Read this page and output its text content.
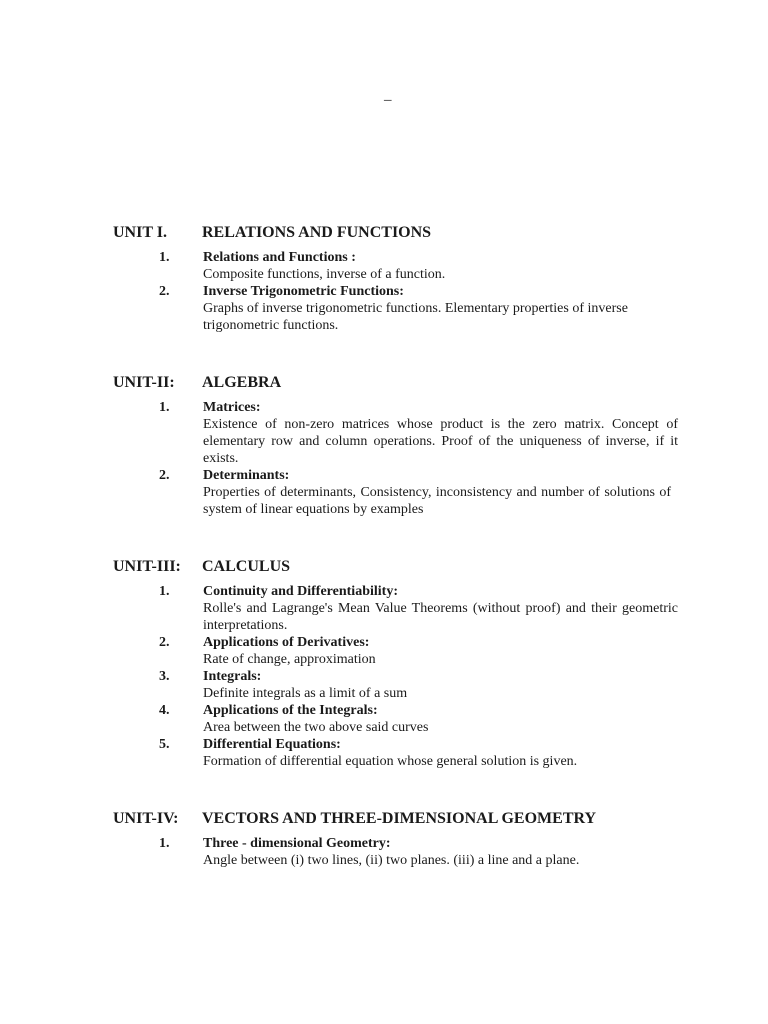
–
UNIT I. RELATIONS AND FUNCTIONS
1. Relations and Functions :
Composite functions, inverse of a function.
2. Inverse Trigonometric Functions:
Graphs of inverse trigonometric functions. Elementary properties of inverse trigonometric functions.
UNIT-II: ALGEBRA
1. Matrices:
Existence of non-zero matrices whose product is the zero matrix. Concept of elementary row and column operations. Proof of the uniqueness of inverse, if it exists.
2. Determinants:
Properties of determinants, Consistency, inconsistency and number of solutions of system of linear equations by examples
UNIT-III: CALCULUS
1. Continuity and Differentiability:
Rolle's and Lagrange's Mean Value Theorems (without proof) and their geometric interpretations.
2. Applications of Derivatives:
Rate of change, approximation
3. Integrals:
Definite integrals as a limit of a sum
4. Applications of the Integrals:
Area between the two above said curves
5. Differential Equations:
Formation of differential equation whose general solution is given.
UNIT-IV: VECTORS AND THREE-DIMENSIONAL GEOMETRY
1. Three - dimensional Geometry:
Angle between (i) two lines, (ii) two planes. (iii) a line and a plane.
